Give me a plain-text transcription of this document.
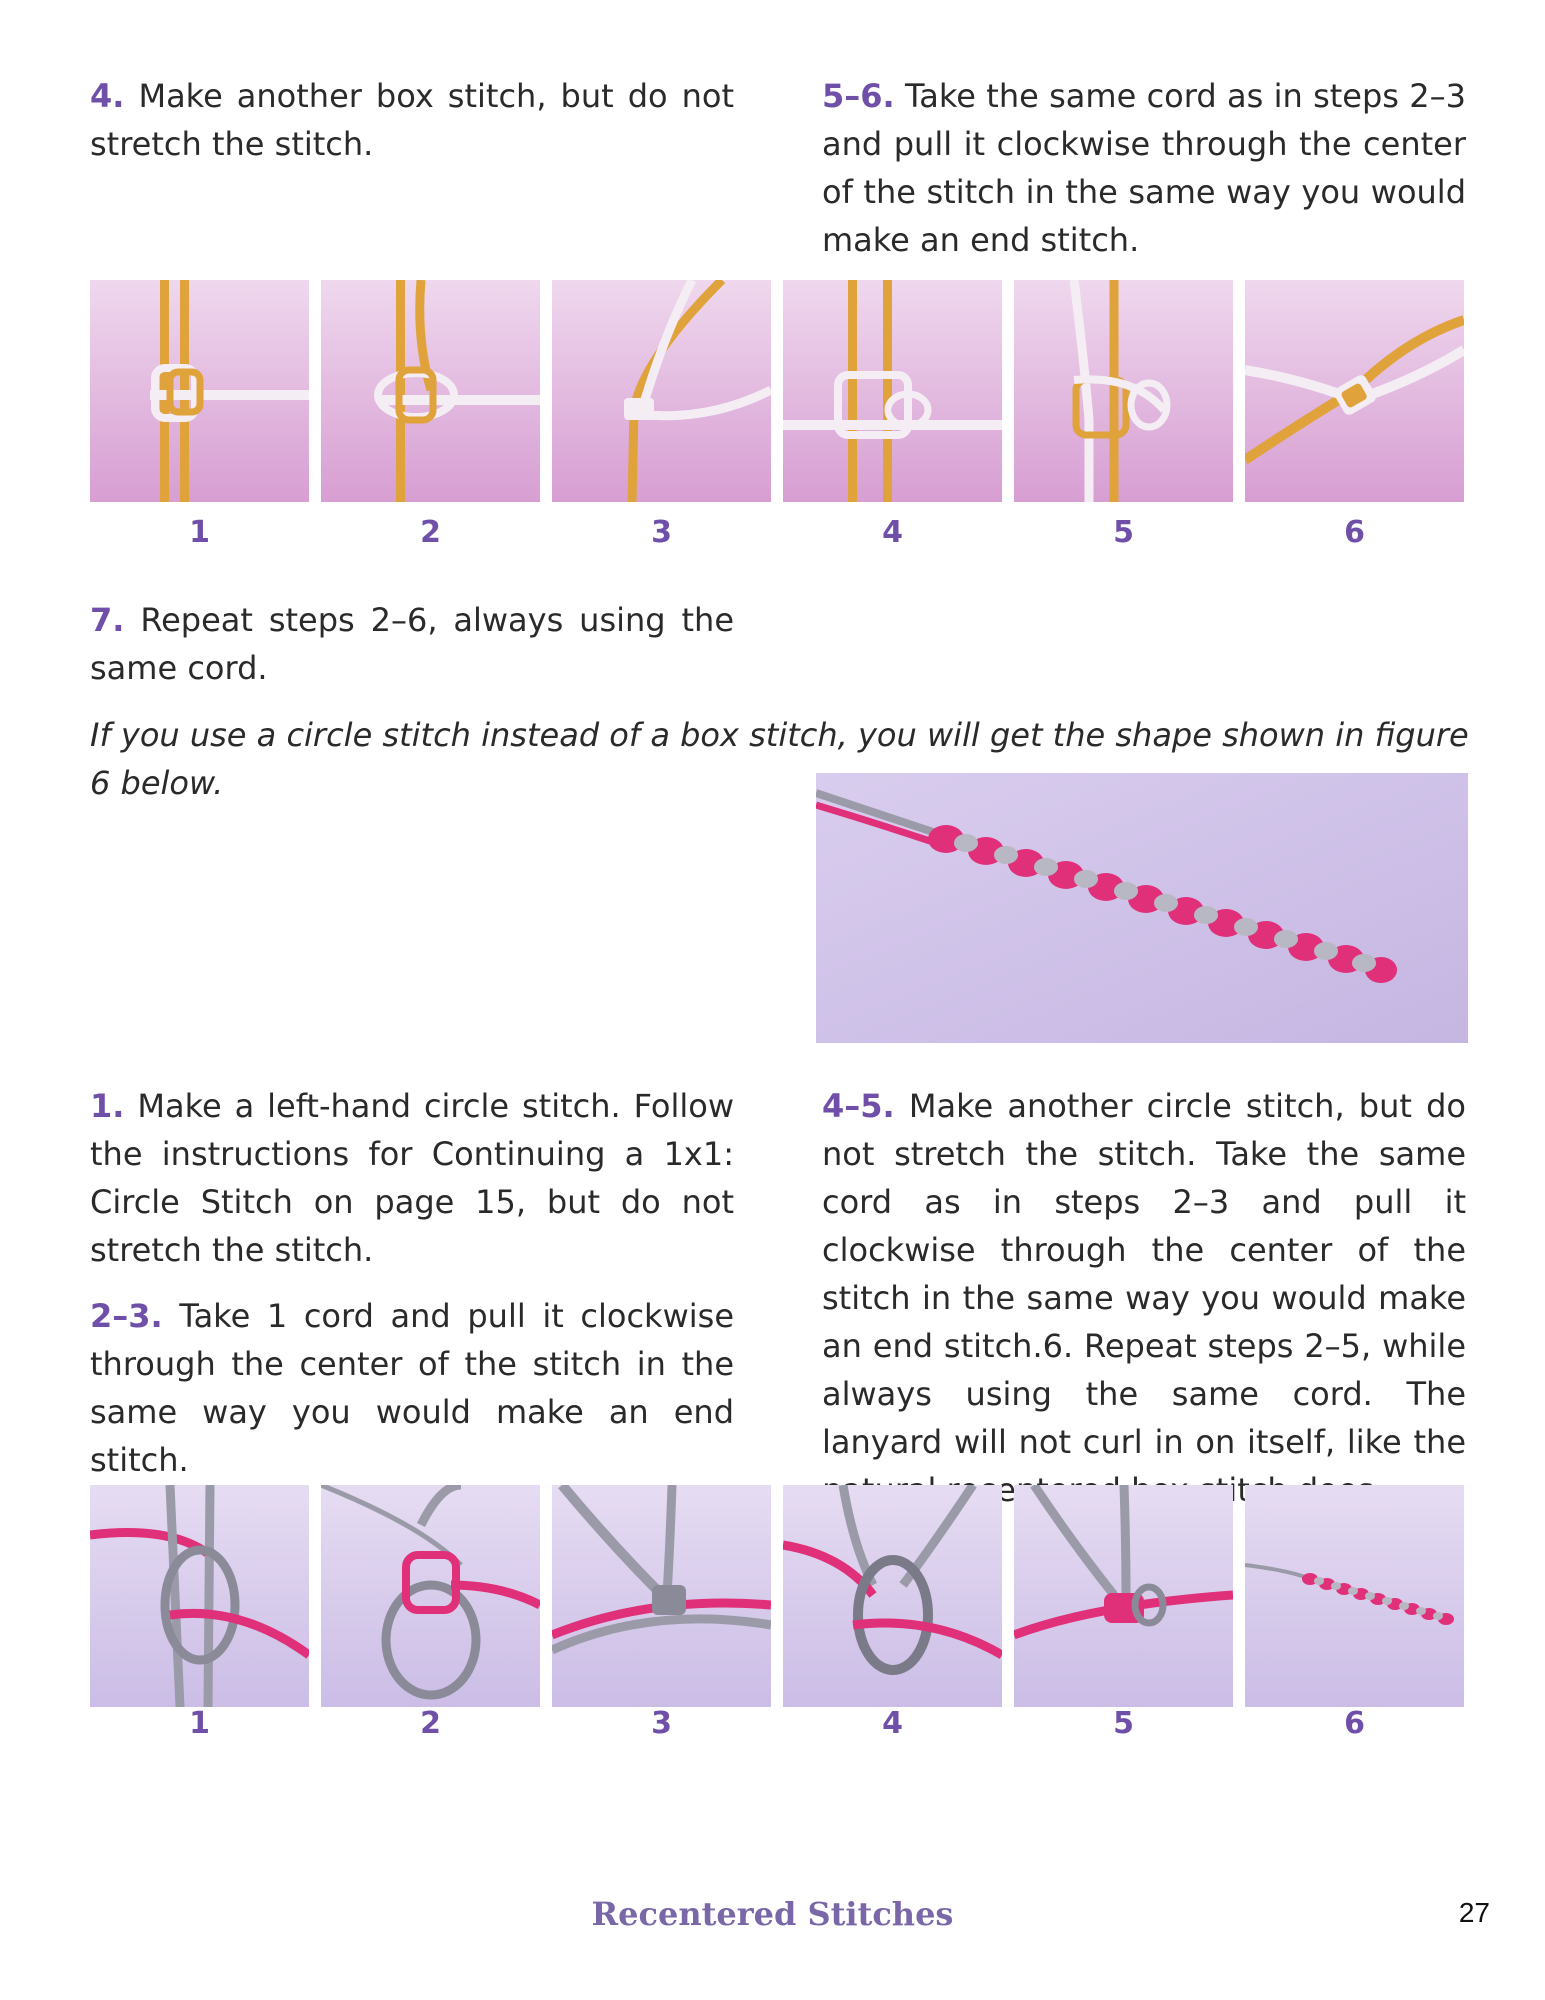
4. Make another box stitch, but do not stretch the stitch.

5–6. Take the same cord as in steps 2–3 and pull it clockwise through the center of the stitch in the same way you would make an end stitch.

1	2	3	4	5	6

7. Repeat steps 2–6, always using the same cord.

If you use a circle stitch instead of a box stitch, you will get the shape shown in figure 6 below.

1. Make a left-hand circle stitch. Follow the instructions for Continuing a 1x1: Circle Stitch on page 15, but do not stretch the stitch.

2–3. Take 1 cord and pull it clockwise through the center of the stitch in the same way you would make an end stitch.

4–5. Make another circle stitch, but do not stretch the stitch. Take the same cord as in steps 2–3 and pull it clockwise through the center of the stitch in the same way you would make an end stitch.6. Repeat steps 2–5, while always using the same cord. The lanyard will not curl in on itself, like the stitch

1	2	3	4	5	6
Recentered Stitches	27
